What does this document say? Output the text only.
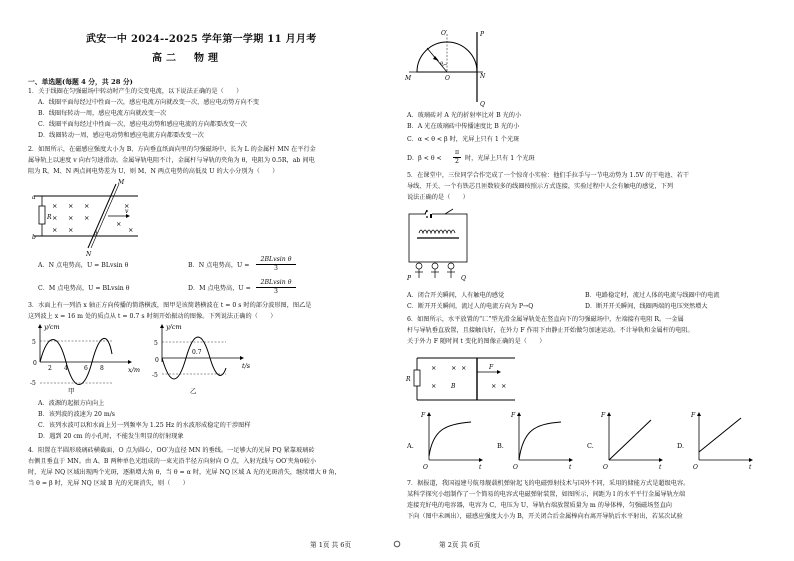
武安一中 2024--2025 学年第一学期 11 月月考
高二　物理
一、单选题(每题 4 分，共 28 分)
1．关于线圈在匀强磁场中转动时产生的交变电流，以下说法正确的是（　　）
A．线圈平面每经过中性面一次，感应电流方向就改变一次，感应电动势方向不变
B．线圈每转动一周，感应电流方向就改变一次
C．线圈平面每经过中性面一次，感应电动势和感应电流的方向都要改变一次
D．线圈转动一周，感应电动势和感应电流方向都要改变一次
2．如图所示，在磁感应强度大小为 B、方向垂直纸面向里的匀强磁场中，长为 L 的金属杆 MN 在平行金
属导轨上以速度 v 向右匀速滑动。金属导轨电阻不计，金属杆与导轨的夹角为 θ，电阻为 0.5R，ab 间电
阻为 R，M、N 两点间电势差为 U，则 M、N 两点电势的高低及 U 的大小分别为（　　）
R
a
b
M
N
θ
v
× × ×	×
× × ×
×
× ×	×
A．N 点电势高，U = BLvsin θ	B．N 点电势高，U =
2BLvsin θ
3
C．M 点电势高，U = BLvsin θ	D．M 点电势高，U =
2BLvsin θ
3
3．水面上有一列沿 x 轴正方向传播的简谐横波，图甲是该简谐横波在 t = 0 s 时的部分波形图，图乙是
这列波上 x = 16 m 处的质点从 t = 0.7 s 时刻开始振动的图像。下列说法正确的（　　）
y/cm
x/m
5
-5
0
2 4	6 8
甲
y/cm
t/s
5
-5
0
0.7
乙
A．波源的起振方向向上
B．该列波的波速为 20 m/s
C．该列水波可以和水面上另一列频率为 1.25 Hz 的水波形成稳定的干涉图样
D．遇到 20 cm 的小孔时，不能发生明显的衍射现象
4．阳置在半圆形玻璃砖横截面，O 点为圆心，OO′为直径 MN 的垂线。一足够大的光屏 PQ 紧靠玻璃砖
右侧且垂直于 MN。由 A、B 两种单色光组成的一束光沿半径方向射向 O 点，入射光线与 OO′夹角θ较小
时，光屏 NQ 区域出现两个光斑，逐渐增大角 θ，当 θ = α 时，光屏 NQ 区域 A 光的光斑消失，继续增大 θ 角，
当 θ = β 时，光屏 NQ 区域 B 光的光斑消失，则（　　）
第 1页 共 6页
O′	P
M	O	N
Q
θ
A．玻璃砖对 A 光的折射率比对 B 光的小
B．A 光在玻璃砖中传播速度比 B 光的小
C．α < θ < β 时，光屏上只有 1 个光斑
D．β < θ <
π
2 时，光屏上只有 1 个光斑
5．在课堂中，三位同学合作完成了一个惊奇小实验：他们手拉手与一节电动势为 1.5V 的干电池、若干
导线、开关、一个有铁芯且匝数较多的线圈按照示方式连接，实验过程中人会有触电的感觉，下列
说法正确的是（　　）
P	Q
A．闭合开关瞬间，人有触电的感觉	B．电路稳定时，流过人体的电流与线圈中的电流
C．断开开关瞬间，流过人的电流方向为 P→Q	D．断开开关瞬间，线圈两端的电压突然增大
6．如图所示，水平放置的“匚”型光滑金属导轨处在竖直向下的匀强磁场中，左端接有电阻 R。一金属
杆与导轨垂直放置，且接触良好，在外力 F 作用下由静止开始做匀加速运动。不计导轨和金属杆的电阻。
关于外力 F 随时间 t 变化的图像正确的是（　　）
R
F
B
× ×
×
×
×
×
A.
F
t
O
B.
F
t
O
C.
F
t
O
D.
F
t
O
7．据报道，我国福建号航母舰载机弹射起飞的电磁弹射技术与国外不同，采用的储能方式是超级电容。
某科学探究小组制作了一个简易的电容式电磁弹射装置，如图所示，间距为 l 的水平平行金属导轨左端
连接充好电的电容器，电容为 C，电压为 U，导轨右端放置质量为 m 的导体棒，匀强磁场竖直向
下向（图中未画出），磁感应强度大小为 B，开关闭合后金属棒向右离开导轨后水平射出，若某次试验
第 2页 共 6页
